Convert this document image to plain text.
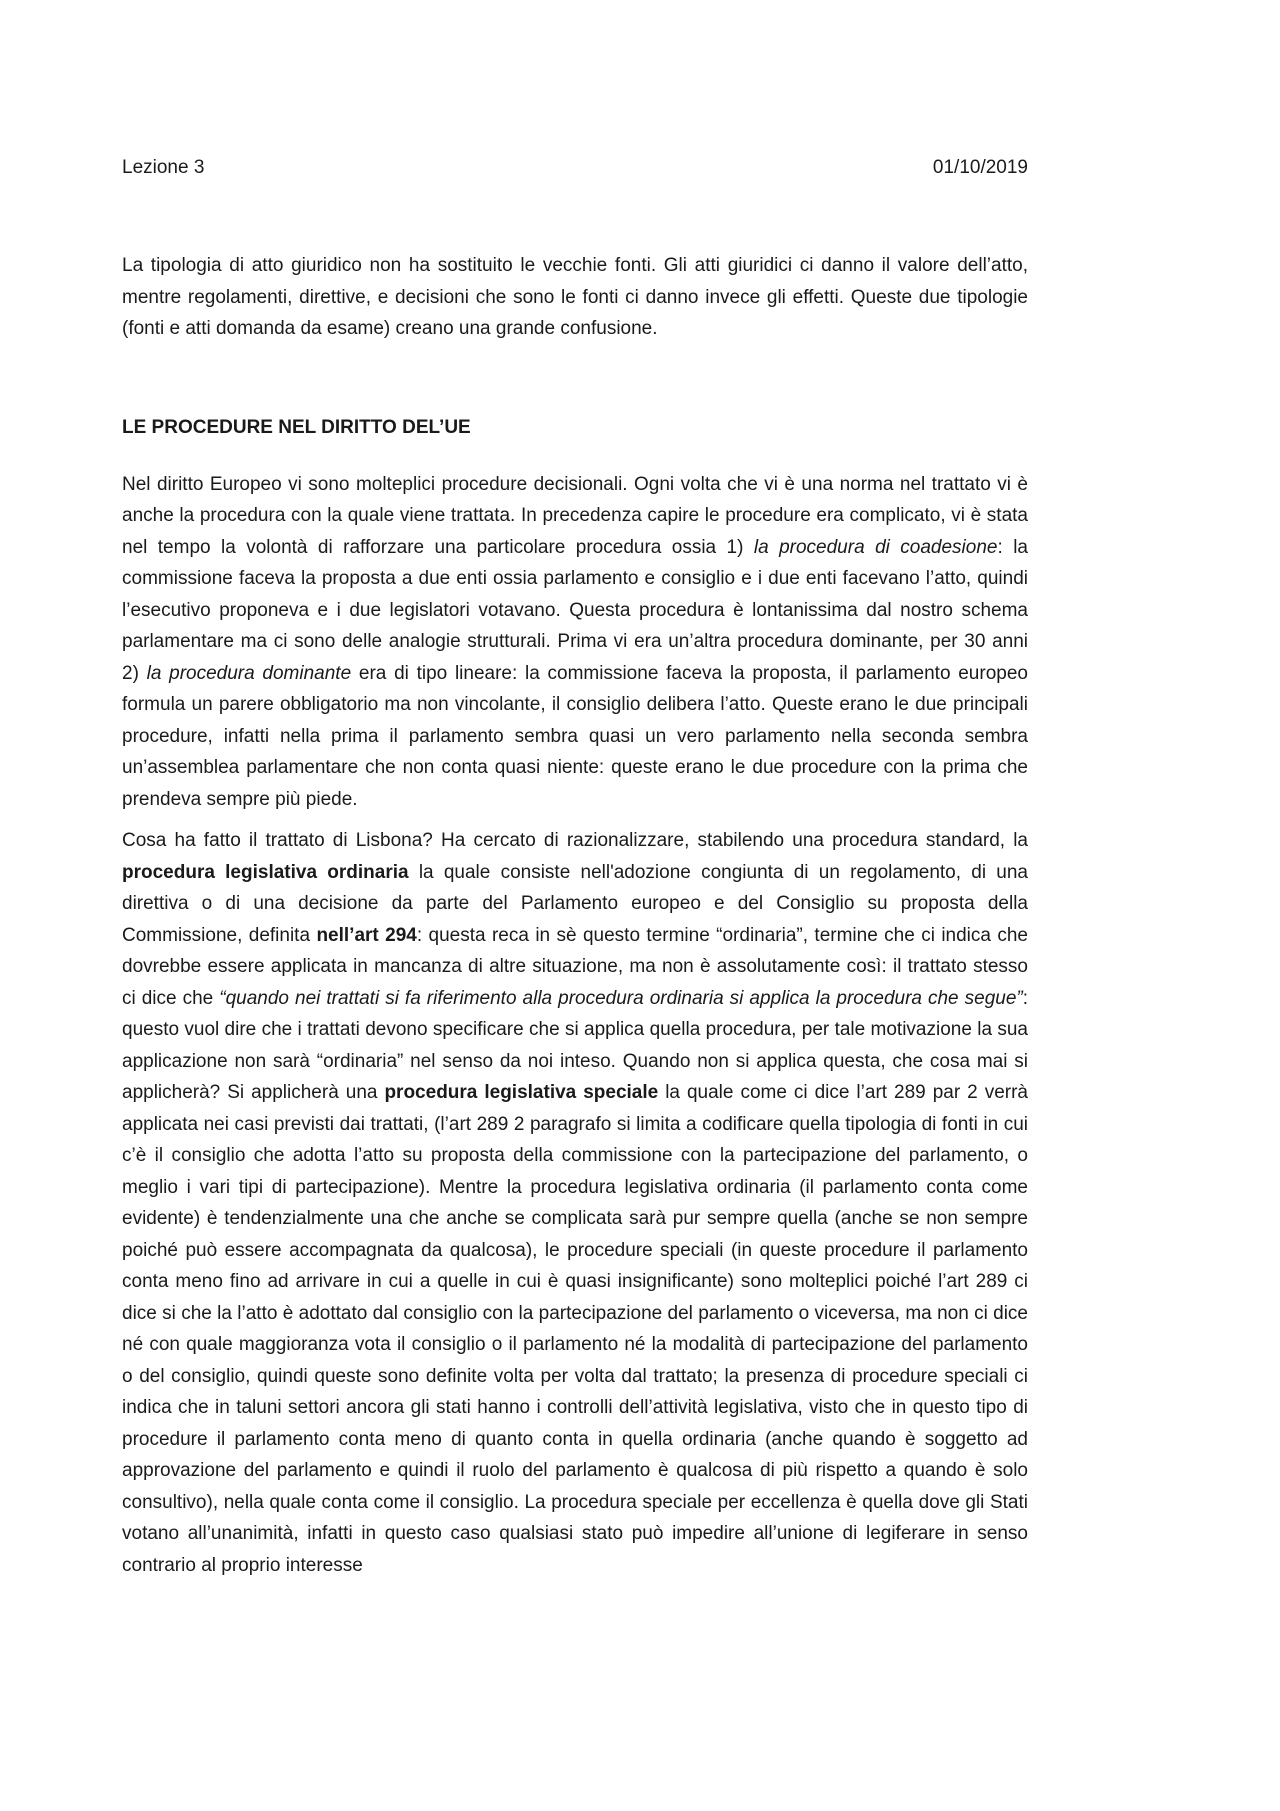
Lezione 3	01/10/2019

La tipologia di atto giuridico non ha sostituito le vecchie fonti. Gli atti giuridici ci danno il valore dell’atto, mentre regolamenti, direttive, e decisioni che sono le fonti ci danno invece gli effetti. Queste due tipologie (fonti e atti domanda da esame) creano una grande confusione.

LE PROCEDURE NEL DIRITTO DEL’UE

Nel diritto Europeo vi sono molteplici procedure decisionali. Ogni volta che vi è una norma nel trattato vi è anche la procedura con la quale viene trattata. In precedenza capire le procedure era complicato, vi è stata nel tempo la volontà di rafforzare una particolare procedura ossia 1) la procedura di coadesione: la commissione faceva la proposta a due enti ossia parlamento e consiglio e i due enti facevano l’atto, quindi l’esecutivo proponeva e i due legislatori votavano. Questa procedura è lontanissima dal nostro schema parlamentare ma ci sono delle analogie strutturali. Prima vi era un’altra procedura dominante, per 30 anni 2) la procedura dominante era di tipo lineare: la commissione faceva la proposta, il parlamento europeo formula un parere obbligatorio ma non vincolante, il consiglio delibera l’atto. Queste erano le due principali procedure, infatti nella prima il parlamento sembra quasi un vero parlamento nella seconda sembra un’assemblea parlamentare che non conta quasi niente: queste erano le due procedure con la prima che prendeva sempre più piede.

Cosa ha fatto il trattato di Lisbona? Ha cercato di razionalizzare, stabilendo una procedura standard, la procedura legislativa ordinaria la quale consiste nell'adozione congiunta di un regolamento, di una direttiva o di una decisione da parte del Parlamento europeo e del Consiglio su proposta della Commissione, definita nell’art 294: questa reca in sè questo termine “ordinaria”, termine che ci indica che dovrebbe essere applicata in mancanza di altre situazione, ma non è assolutamente così: il trattato stesso ci dice che “quando nei trattati si fa riferimento alla procedura ordinaria si applica la procedura che segue”: questo vuol dire che i trattati devono specificare che si applica quella procedura, per tale motivazione la sua applicazione non sarà “ordinaria” nel senso da noi inteso. Quando non si applica questa, che cosa mai si applicherà? Si applicherà una procedura legislativa speciale la quale come ci dice l’art 289 par 2 verrà applicata nei casi previsti dai trattati, (l’art 289 2 paragrafo si limita a codificare quella tipologia di fonti in cui c’è il consiglio che adotta l’atto su proposta della commissione con la partecipazione del parlamento, o meglio i vari tipi di partecipazione). Mentre la procedura legislativa ordinaria (il parlamento conta come evidente) è tendenzialmente una che anche se complicata sarà pur sempre quella (anche se non sempre poiché può essere accompagnata da qualcosa), le procedure speciali (in queste procedure il parlamento conta meno fino ad arrivare in cui a quelle in cui è quasi insignificante) sono molteplici poiché l’art 289 ci dice si che la l’atto è adottato dal consiglio con la partecipazione del parlamento o viceversa, ma non ci dice né con quale maggioranza vota il consiglio o il parlamento né la modalità di partecipazione del parlamento o del consiglio, quindi queste sono definite volta per volta dal trattato; la presenza di procedure speciali ci indica che in taluni settori ancora gli stati hanno i controlli dell’attività legislativa, visto che in questo tipo di procedure il parlamento conta meno di quanto conta in quella ordinaria (anche quando è soggetto ad approvazione del parlamento e quindi il ruolo del parlamento è qualcosa di più rispetto a quando è solo consultivo), nella quale conta come il consiglio. La procedura speciale per eccellenza è quella dove gli Stati votano all’unanimità, infatti in questo caso qualsiasi stato può impedire all’unione di legiferare in senso contrario al proprio interesse
